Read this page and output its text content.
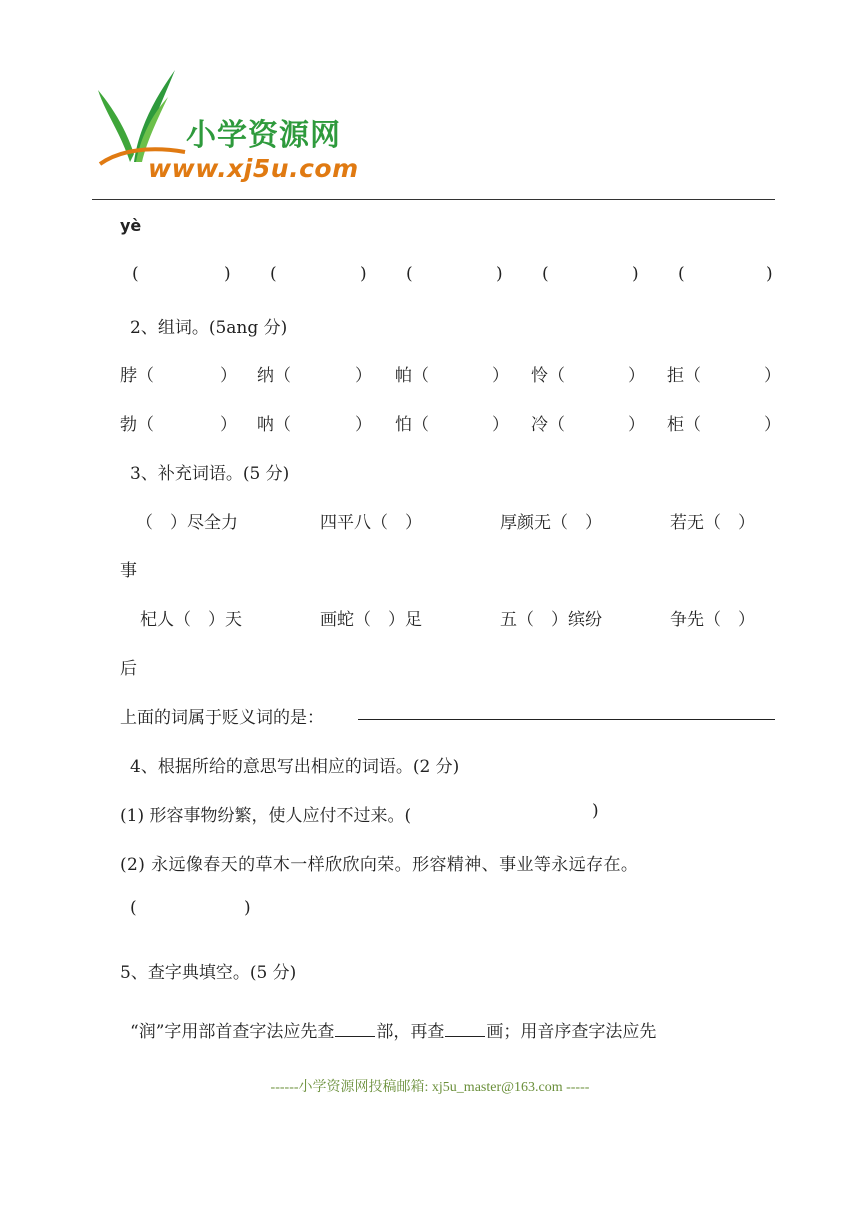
小学资源网
www.xj5u.com
yè
(	) (	) (	) (	) (	)
2、组词。(5ang 分)
脖（	） 纳（	） 帕（	） 怜（	） 拒（	）
勃（	） 呐（	） 怕（	） 冷（	） 柜（	）
3、补充词语。(5 分)
（　）尽全力	四平八（　）	厚颜无（　）	若无（　）
事
杞人（　）天	画蛇（　）足	五（　）缤纷	争先（　）
后
上面的词属于贬义词的是：
4、根据所给的意思写出相应的词语。(2 分)
(1) 形容事物纷繁，使人应付不过来。(	)
(2) 永远像春天的草木一样欣欣向荣。形容精神、事业等永远存在。
(	)
5、查字典填空。(5 分)
“润”字用部首查字法应先查 部，再查 画；用音序查字法应先
------小学资源网投稿邮箱: xj5u_master@163.com -----
